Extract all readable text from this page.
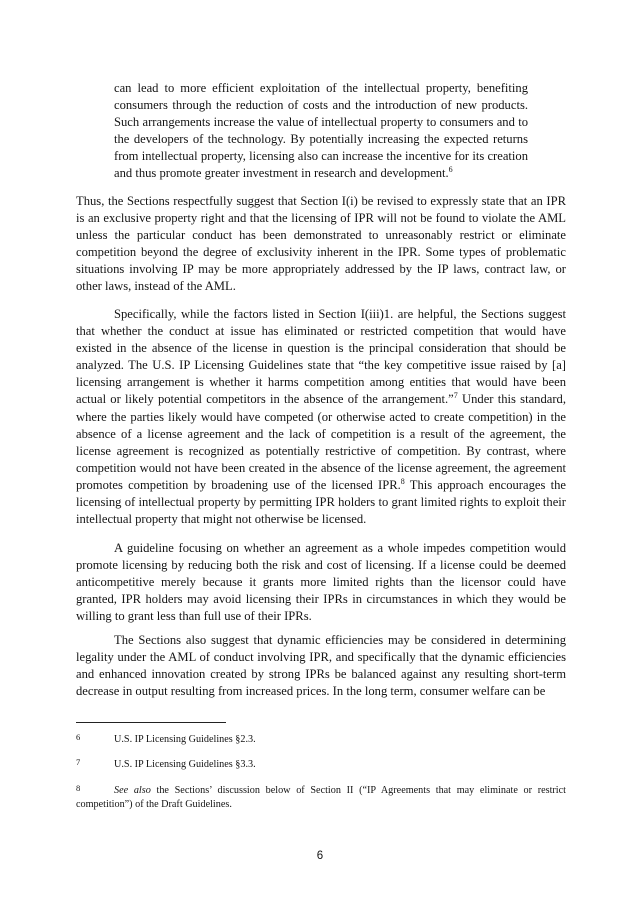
can lead to more efficient exploitation of the intellectual property, benefiting consumers through the reduction of costs and the introduction of new products. Such arrangements increase the value of intellectual property to consumers and to the developers of the technology. By potentially increasing the expected returns from intellectual property, licensing also can increase the incentive for its creation and thus promote greater investment in research and development.$^6$

Thus, the Sections respectfully suggest that Section I(i) be revised to expressly state that an IPR is an exclusive property right and that the licensing of IPR will not be found to violate the AML unless the particular conduct has been demonstrated to unreasonably restrict or eliminate competition beyond the degree of exclusivity inherent in the IPR. Some types of problematic situations involving IP may be more appropriately addressed by the IP laws, contract law, or other laws, instead of the AML.

Specifically, while the factors listed in Section I(iii)1. are helpful, the Sections suggest that whether the conduct at issue has eliminated or restricted competition that would have existed in the absence of the license in question is the principal consideration that should be analyzed. The U.S. IP Licensing Guidelines state that “the key competitive issue raised by [a] licensing arrangement is whether it harms competition among entities that would have been actual or likely potential competitors in the absence of the arrangement.”$^7$ Under this standard, where the parties likely would have competed (or otherwise acted to create competition) in the absence of a license agreement and the lack of competition is a result of the agreement, the license agreement is recognized as potentially restrictive of competition. By contrast, where competition would not have been created in the absence of the license agreement, the agreement promotes competition by broadening use of the licensed IPR.$^8$ This approach encourages the licensing of intellectual property by permitting IPR holders to grant limited rights to exploit their intellectual property that might not otherwise be licensed.

A guideline focusing on whether an agreement as a whole impedes competition would promote licensing by reducing both the risk and cost of licensing. If a license could be deemed anticompetitive merely because it grants more limited rights than the licensor could have granted, IPR holders may avoid licensing their IPRs in circumstances in which they would be willing to grant less than full use of their IPRs.

The Sections also suggest that dynamic efficiencies may be considered in determining legality under the AML of conduct involving IPR, and specifically that the dynamic efficiencies and enhanced innovation created by strong IPRs be balanced against any resulting short-term decrease in output resulting from increased prices. In the long term, consumer welfare can be

6	U.S. IP Licensing Guidelines §2.3.
7	U.S. IP Licensing Guidelines §3.3.
8	See also the Sections’ discussion below of Section II (“IP Agreements that may eliminate or restrict competition”) of the Draft Guidelines.
6
